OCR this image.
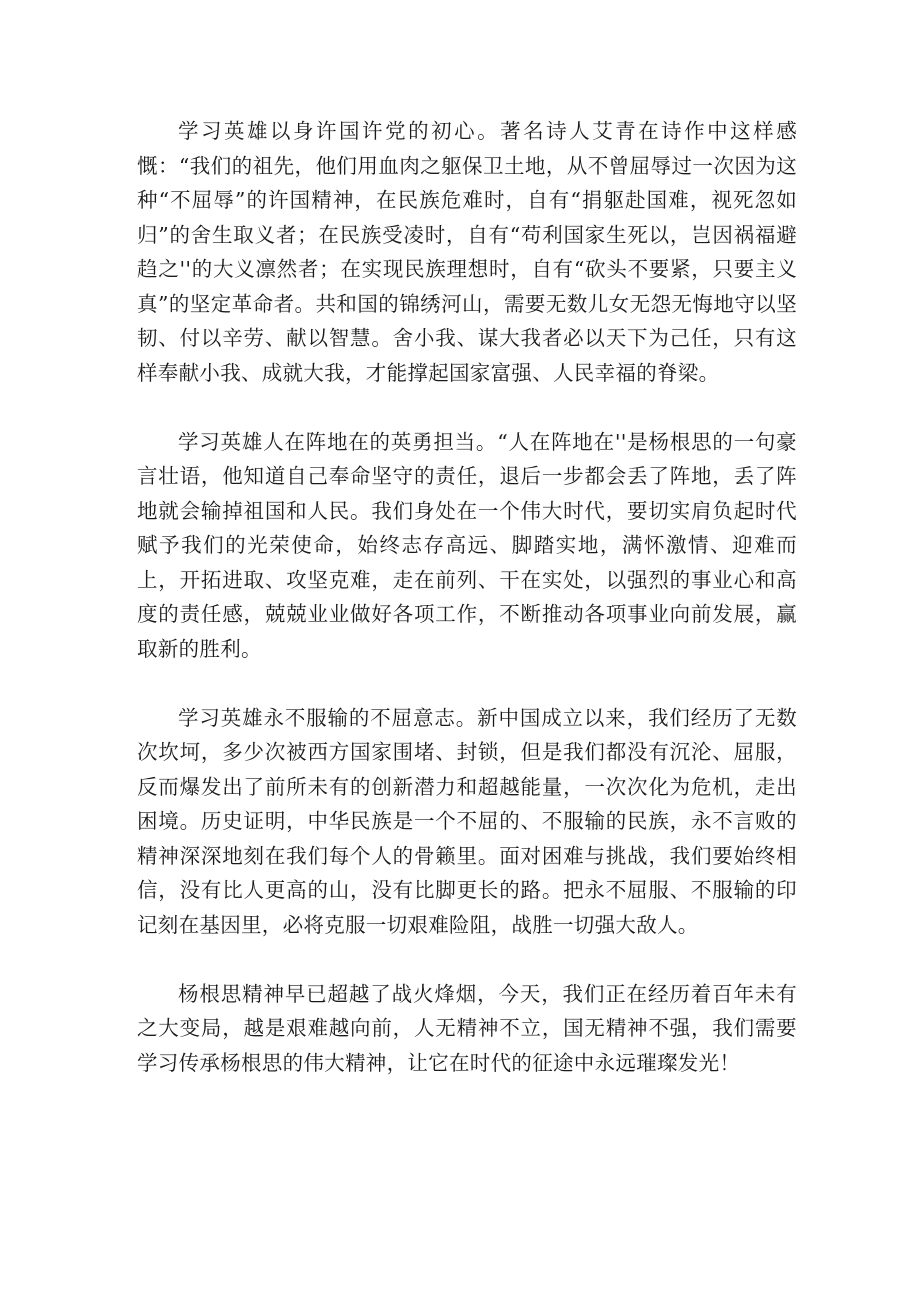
学习英雄以身许国许党的初心。著名诗人艾青在诗作中这样感慨：“我们的祖先，他们用血肉之躯保卫土地，从不曾屈辱过一次因为这种“不屈辱”的许国精神，在民族危难时，自有“捐躯赴国难，视死忽如归”的舍生取义者；在民族受凌时，自有“苟利国家生死以，岂因祸福避趋之''的大义凛然者；在实现民族理想时，自有“砍头不要紧，只要主义真”的坚定革命者。共和国的锦绣河山，需要无数儿女无怨无悔地守以坚韧、付以辛劳、献以智慧。舍小我、谋大我者必以天下为己任，只有这样奉献小我、成就大我，才能撑起国家富强、人民幸福的脊梁。

学习英雄人在阵地在的英勇担当。“人在阵地在''是杨根思的一句豪言壮语，他知道自己奉命坚守的责任，退后一步都会丢了阵地，丢了阵地就会输掉祖国和人民。我们身处在一个伟大时代，要切实肩负起时代赋予我们的光荣使命，始终志存高远、脚踏实地，满怀激情、迎难而上，开拓进取、攻坚克难，走在前列、干在实处，以强烈的事业心和高度的责任感，兢兢业业做好各项工作，不断推动各项事业向前发展，赢取新的胜利。

学习英雄永不服输的不屈意志。新中国成立以来，我们经历了无数次坎坷，多少次被西方国家围堵、封锁，但是我们都没有沉沦、屈服，反而爆发出了前所未有的创新潜力和超越能量，一次次化为危机，走出困境。历史证明，中华民族是一个不屈的、不服输的民族，永不言败的精神深深地刻在我们每个人的骨籁里。面对困难与挑战，我们要始终相信，没有比人更高的山，没有比脚更长的路。把永不屈服、不服输的印记刻在基因里，必将克服一切艰难险阻，战胜一切强大敌人。

杨根思精神早已超越了战火烽烟，今天，我们正在经历着百年未有之大变局，越是艰难越向前，人无精神不立，国无精神不强，我们需要学习传承杨根思的伟大精神，让它在时代的征途中永远璀璨发光！
